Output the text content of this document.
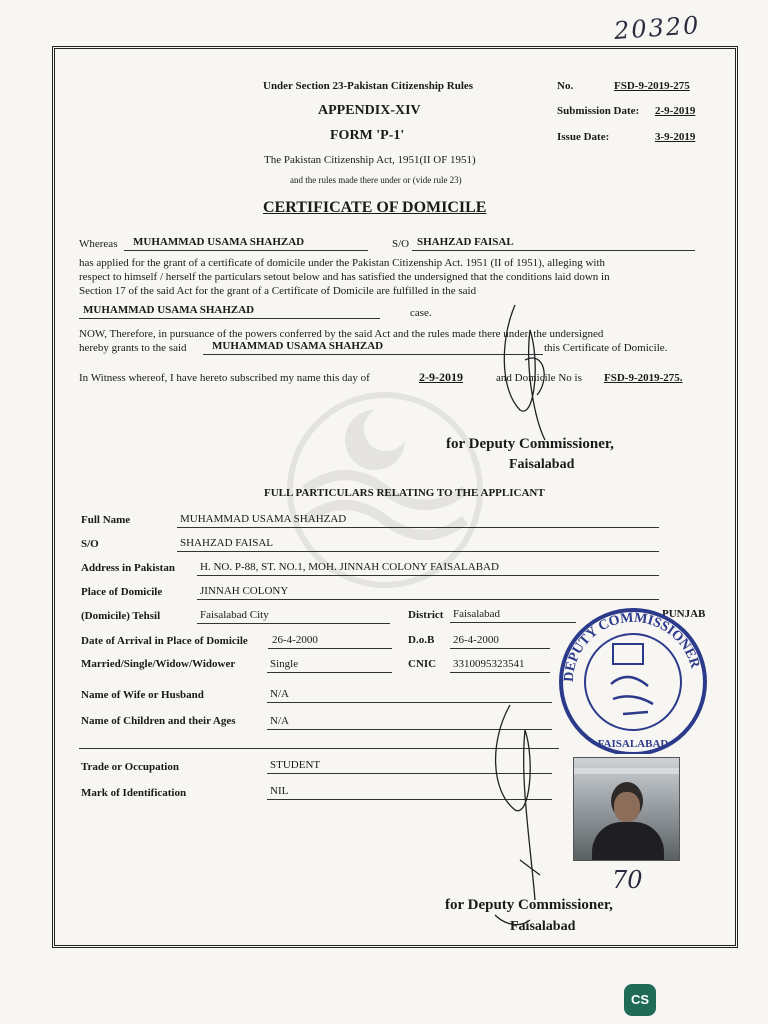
20320
Under Section 23-Pakistan Citizenship Rules
APPENDIX-XIV
FORM 'P-1'
The Pakistan Citizenship Act, 1951(II OF 1951)
and the rules made there under or (vide rule 23)
No.	FSD-9-2019-275
Submission Date: 2-9-2019
Issue Date:	3-9-2019
CERTIFICATE OF DOMICILE
Whereas MUHAMMAD USAMA SHAHZAD	S/O SHAHZAD FAISAL
has applied for the grant of a certificate of domicile under the Pakistan Citizenship Act. 1951 (II of 1951), alleging with
respect to himself / herself the particulars setout below and has satisfied the undersigned that the conditions laid down in
Section 17 of the said Act for the grant of a Certificate of Domicile are fulfilled in the said
MUHAMMAD USAMA SHAHZAD	case.
NOW, Therefore, in pursuance of the powers conferred by the said Act and the rules made there under, the undersigned
hereby grants to the said MUHAMMAD USAMA SHAHZAD	this Certificate of Domicile.
In Witness whereof, I have hereto subscribed my name this day of	2-9-2019	and Domicile No is FSD-9-2019-275.
for Deputy Commissioner,
Faisalabad
FULL PARTICULARS RELATING TO THE APPLICANT
Full Name	MUHAMMAD USAMA SHAHZAD
S/O	SHAHZAD FAISAL
Address in Pakistan H. NO. P-88, ST. NO.1, MOH. JINNAH COLONY FAISALABAD
Place of Domicile	JINNAH COLONY
(Domicile) Tehsil	Faisalabad City	District Faisalabad	PUNJAB
Date of Arrival in Place of Domicile 26-4-2000	D.o.B 26-4-2000
Married/Single/Widow/Widower	Single	CNIC 3310095323541
Name of Wife or Husband	N/A
Name of Children and their Ages	N/A
Trade or Occupation	STUDENT
Mark of Identification	NIL
DEPUTY COMMISSIONER
FAISALABAD
70
for Deputy Commissioner,
Faisalabad
CS
